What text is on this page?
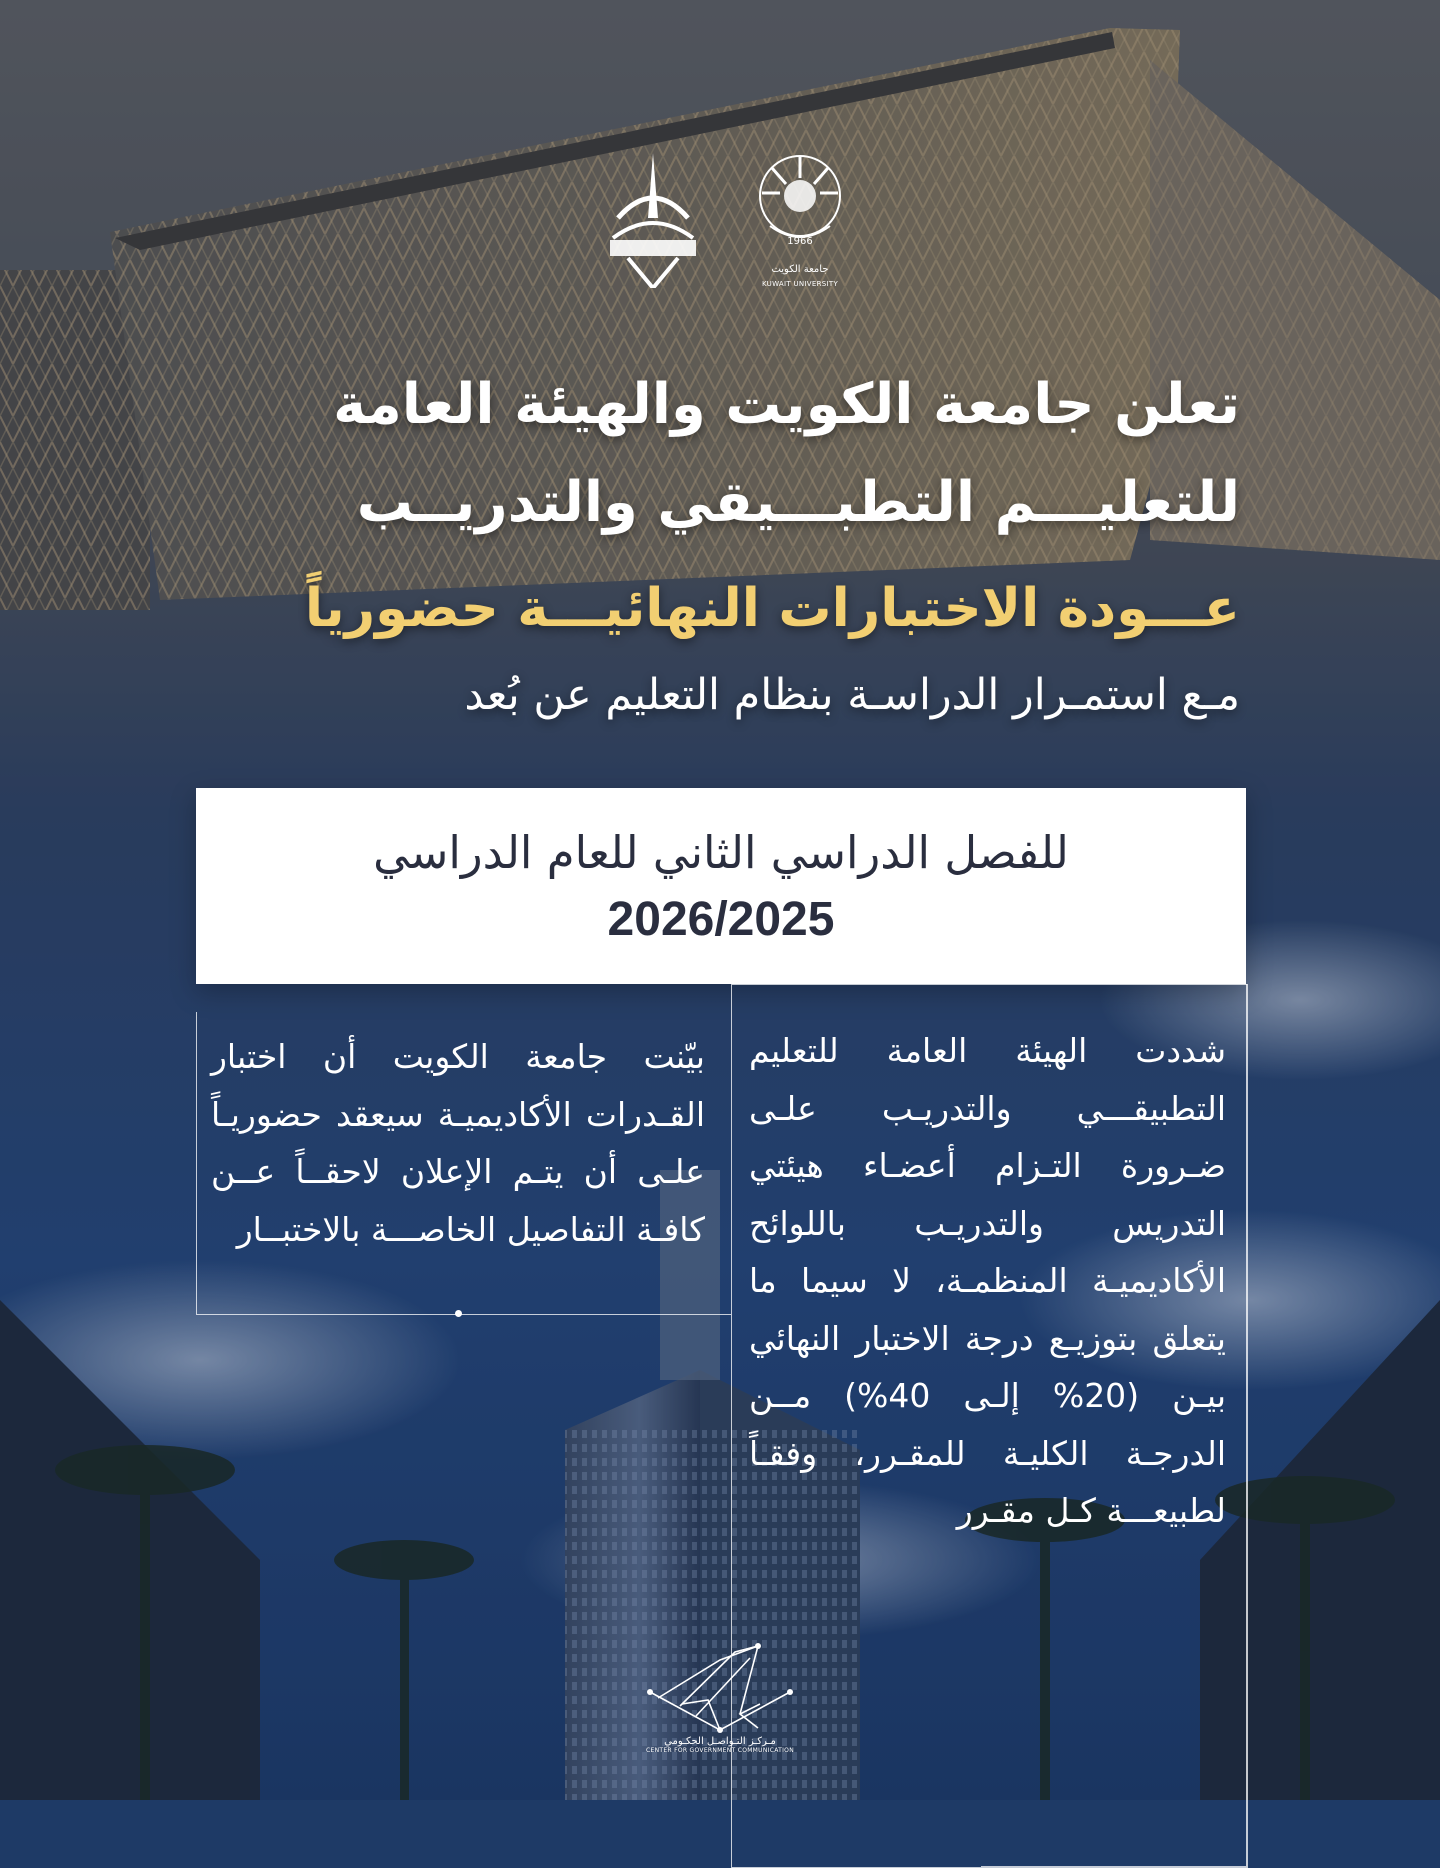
1966
جامعة الكويت
KUWAIT UNIVERSITY
تعلن جامعة الكويت والهيئة العامة
للتعليـــم التطبـــيقي والتدريــب
عـــودة الاختبارات النهائيـــة حضورياً
مـع استمـرار الدراسـة بنظام التعليم عن بُعد
للفصل الدراسي الثاني للعام الدراسي
2026/2025

شددت الهيئة العامة للتعليم التطبيقـــي والتدريـب علـى ضـرورة التـزام أعضـاء هيئتي التدريس والتدريـب باللوائح الأكاديميـة المنظمـة، لا سيما ما يتعلق بتوزيـع درجة الاختبار النهائي بيـن (20% إلـى 40%) مــن الدرجـة الكليـة للمقـرر، وفقـاً لطبيعـــة كـل مقـرر

بيّنت جامعة الكويت أن اختبار القـدرات الأكاديميـة سيعقد حضوريـاً علـى أن يتـم الإعلان لاحقــاً عــن كافـة التفاصيل الخاصـــة بالاختبــار

مـركـز التـواصـل الحكـومي
CENTER FOR GOVERNMENT COMMUNICATION
